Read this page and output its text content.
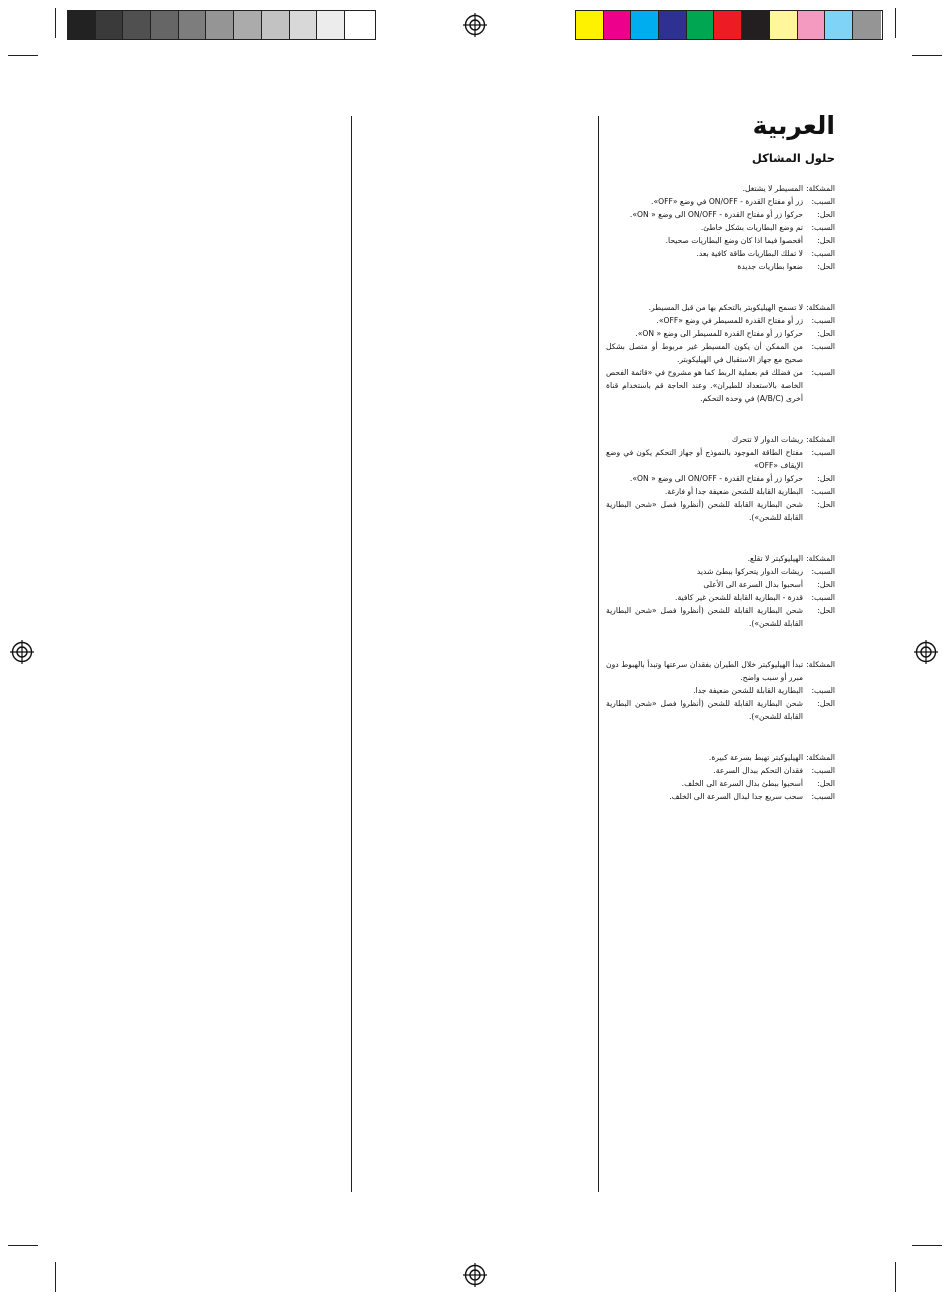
العربية
حلول المشاكل
المشكلة:
المسيطر لا يشتغل.
السبب:
زر أو مفتاح القدرة - ON/OFF في وضع «OFF».
الحل:
حركوا زر أو مفتاح القدرة - ON/OFF الى وضع « ON».
السبب:
تم وضع البطاريات بشكل خاطئ.
الحل:
أفحصوا فيما اذا كان وضع البطاريات صحيحا.
السبب:
لا تملك البطاريات طاقة كافية بعد.
الحل:
ضعوا بطاريات جديدة
المشكلة:
لا تسمح الهيليكوبتر بالتحكم بها من قبل المسيطر.
السبب:
زر أو مفتاح القدرة للمسيطر في وضع «OFF».
الحل:
حركوا زر أو مفتاح القدرة للمسيطر الى وضع « ON».
السبب:
من الممكن أن يكون المسيطر غير مربوط أو متصل بشكل صحيح مع جهاز الاستقبال في الهيليكوبتر.
السبب:
من فضلك قم بعملية الربط كما هو مشروح في «قائمة الفحص الخاصة بالاستعداد للطيران». وعند الحاجة قم باستخدام قناة أخرى (A/B/C) في وحدة التحكم.
المشكلة:
ريشات الدوار لا تتحرك
السبب:
مفتاح الطاقة الموجود بالنموذج أو جهاز التحكم يكون في وضع الإيقاف «OFF»
الحل:
حركوا زر أو مفتاح القدرة - ON/OFF الى وضع « ON».
السبب:
البطارية القابلة للشحن ضعيفة جدا أو فارغة.
الحل:
شحن البطارية القابلة للشحن (أنظروا فصل «شحن البطارية القابلة للشحن»).
المشكلة:
الهيليوكبتر لا تقلع.
السبب:
ريشات الدوار يتحركوا ببطئ شديد
الحل:
أسحبوا بدال السرعة الى الأعلى
السبب:
قدرة - البطارية القابلة للشحن غير كافية.
الحل:
شحن البطارية القابلة للشحن (أنظروا فصل «شحن البطارية القابلة للشحن»).
المشكلة:
تبدأ الهيليوكبتر خلال الطيران بفقدان سرعتها وتبدأ بالهبوط دون مبرر أو سبب واضح.
السبب:
البطارية القابلة للشحن ضعيفة جدا.
الحل:
شحن البطارية القابلة للشحن (أنظروا فصل «شحن البطارية القابلة للشحن»).
المشكلة:
الهيليوكبتر تهبط بسرعة كبيرة.
السبب:
فقدان التحكم ببدال السرعة.
الحل:
أسحبوا ببطئ بدال السرعة الى الخلف.
السبب:
سحب سريع جدا لبدال السرعة الى الخلف.
